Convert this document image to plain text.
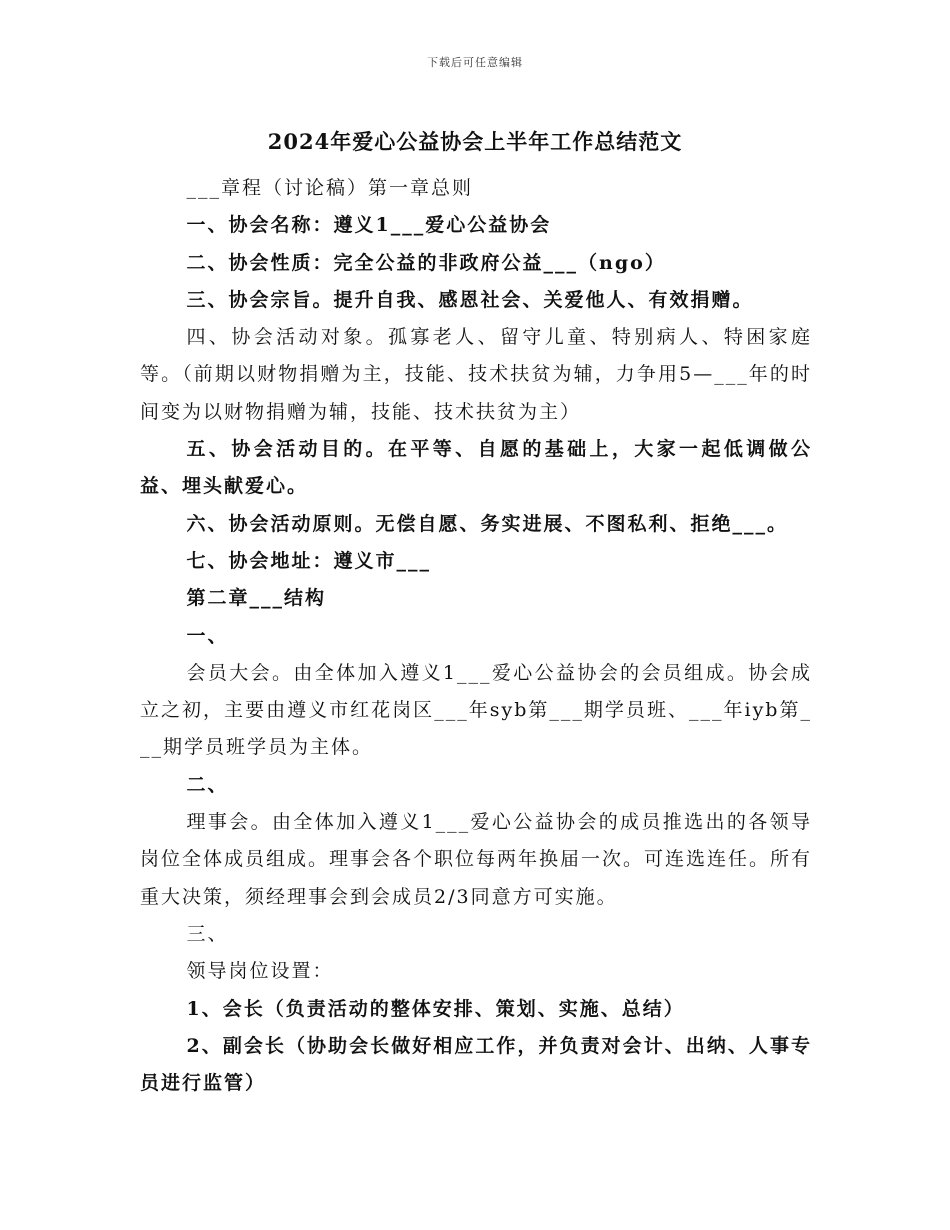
下载后可任意编辑
2024年爱心公益协会上半年工作总结范文

___章程（讨论稿）第一章总则

一、协会名称：遵义1___爱心公益协会

二、协会性质：完全公益的非政府公益___（ngo）

三、协会宗旨。提升自我、感恩社会、关爱他人、有效捐赠。

四、协会活动对象。孤寡老人、留守儿童、特别病人、特困家庭等。（前期以财物捐赠为主，技能、技术扶贫为辅，力争用5—___年的时间变为以财物捐赠为辅，技能、技术扶贫为主）

五、协会活动目的。在平等、自愿的基础上，大家一起低调做公益、埋头献爱心。

六、协会活动原则。无偿自愿、务实进展、不图私利、拒绝___。

七、协会地址：遵义市___

第二章___结构

一、

会员大会。由全体加入遵义1___爱心公益协会的会员组成。协会成立之初，主要由遵义市红花岗区___年syb第___期学员班、___年iyb第___期学员班学员为主体。

二、

理事会。由全体加入遵义1___爱心公益协会的成员推选出的各领导岗位全体成员组成。理事会各个职位每两年换届一次。可连选连任。所有重大决策，须经理事会到会成员2/3同意方可实施。

三、

领导岗位设置：

1、会长（负责活动的整体安排、策划、实施、总结）

2、副会长（协助会长做好相应工作，并负责对会计、出纳、人事专员进行监管）
